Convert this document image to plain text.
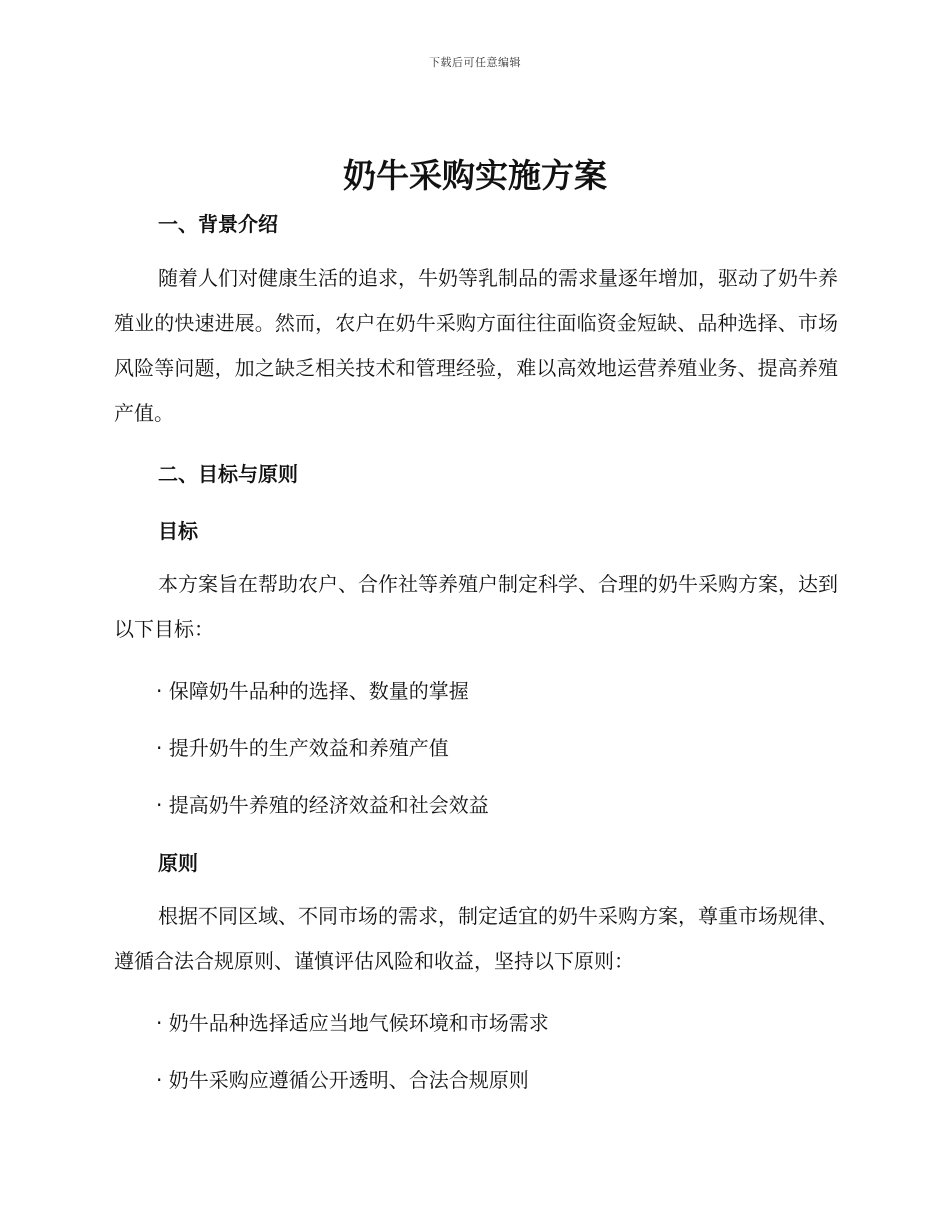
下载后可任意编辑
奶牛采购实施方案
一、背景介绍

随着人们对健康生活的追求，牛奶等乳制品的需求量逐年增加，驱动了奶牛养殖业的快速进展。然而，农户在奶牛采购方面往往面临资金短缺、品种选择、市场风险等问题，加之缺乏相关技术和管理经验，难以高效地运营养殖业务、提高养殖产值。

二、目标与原则
目标

本方案旨在帮助农户、合作社等养殖户制定科学、合理的奶牛采购方案，达到以下目标：

· 保障奶牛品种的选择、数量的掌握

· 提升奶牛的生产效益和养殖产值

· 提高奶牛养殖的经济效益和社会效益

原则

根据不同区域、不同市场的需求，制定适宜的奶牛采购方案，尊重市场规律、遵循合法合规原则、谨慎评估风险和收益，坚持以下原则：

· 奶牛品种选择适应当地气候环境和市场需求

· 奶牛采购应遵循公开透明、合法合规原则
